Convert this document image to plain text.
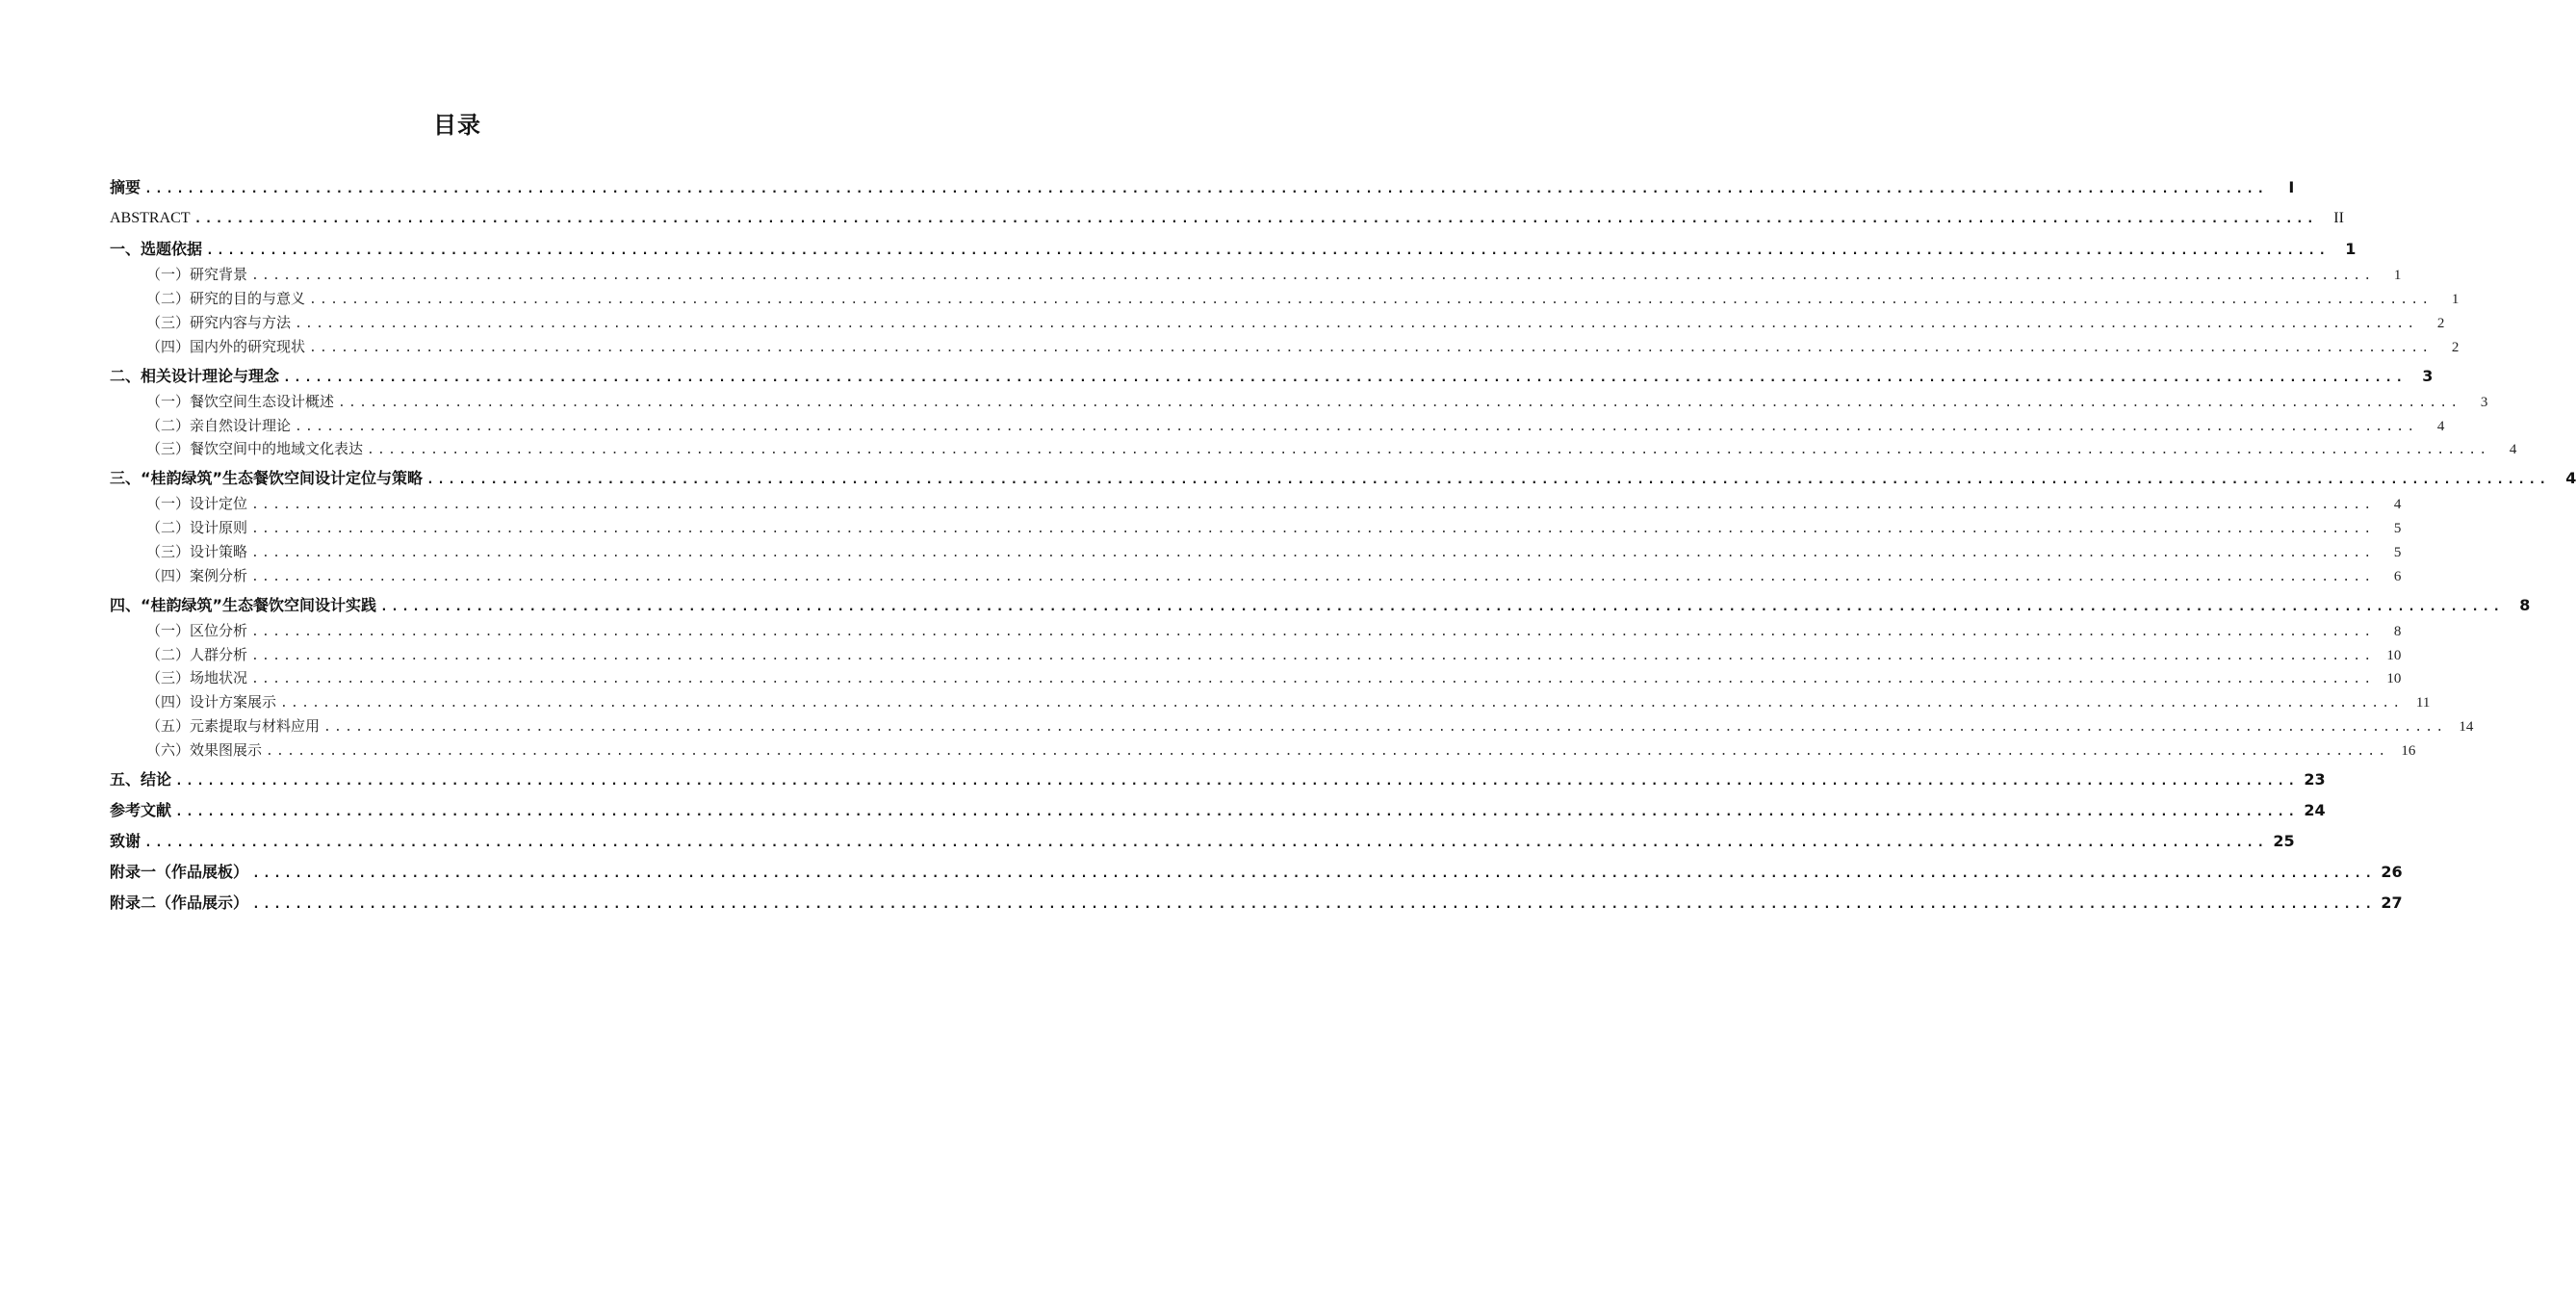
目录
摘要 ........................................................................................................................................................................................................	I
ABSTRACT ........................................................................................................................................................................................................	II
一、选题依据 ........................................................................................................................................................................................................	1
（一）研究背景 ........................................................................................................................................................................................................	1
（二）研究的目的与意义 ........................................................................................................................................................................................................	1
（三）研究内容与方法 ........................................................................................................................................................................................................	2
（四）国内外的研究现状 ........................................................................................................................................................................................................	2
二、相关设计理论与理念 ........................................................................................................................................................................................................	3
（一）餐饮空间生态设计概述 ........................................................................................................................................................................................................	3
（二）亲自然设计理论 ........................................................................................................................................................................................................	4
（三）餐饮空间中的地域文化表达 ........................................................................................................................................................................................................	4
三、“桂韵绿筑”生态餐饮空间设计定位与策略 ........................................................................................................................................................................................................	4
（一）设计定位 ........................................................................................................................................................................................................	4
（二）设计原则 ........................................................................................................................................................................................................	5
（三）设计策略 ........................................................................................................................................................................................................	5
（四）案例分析 ........................................................................................................................................................................................................	6
四、“桂韵绿筑”生态餐饮空间设计实践 ........................................................................................................................................................................................................	8
（一）区位分析 ........................................................................................................................................................................................................	8
（二）人群分析 ........................................................................................................................................................................................................ 10
（三）场地状况 ........................................................................................................................................................................................................ 10
（四）设计方案展示 ........................................................................................................................................................................................................ 11
（五）元素提取与材料应用 ........................................................................................................................................................................................................ 14
（六）效果图展示 ........................................................................................................................................................................................................ 16
五、结论 ........................................................................................................................................................................................................ 23
参考文献 ........................................................................................................................................................................................................ 24
致谢 ........................................................................................................................................................................................................ 25
附录一（作品展板） ........................................................................................................................................................................................................ 26
附录二（作品展示） ........................................................................................................................................................................................................ 27
